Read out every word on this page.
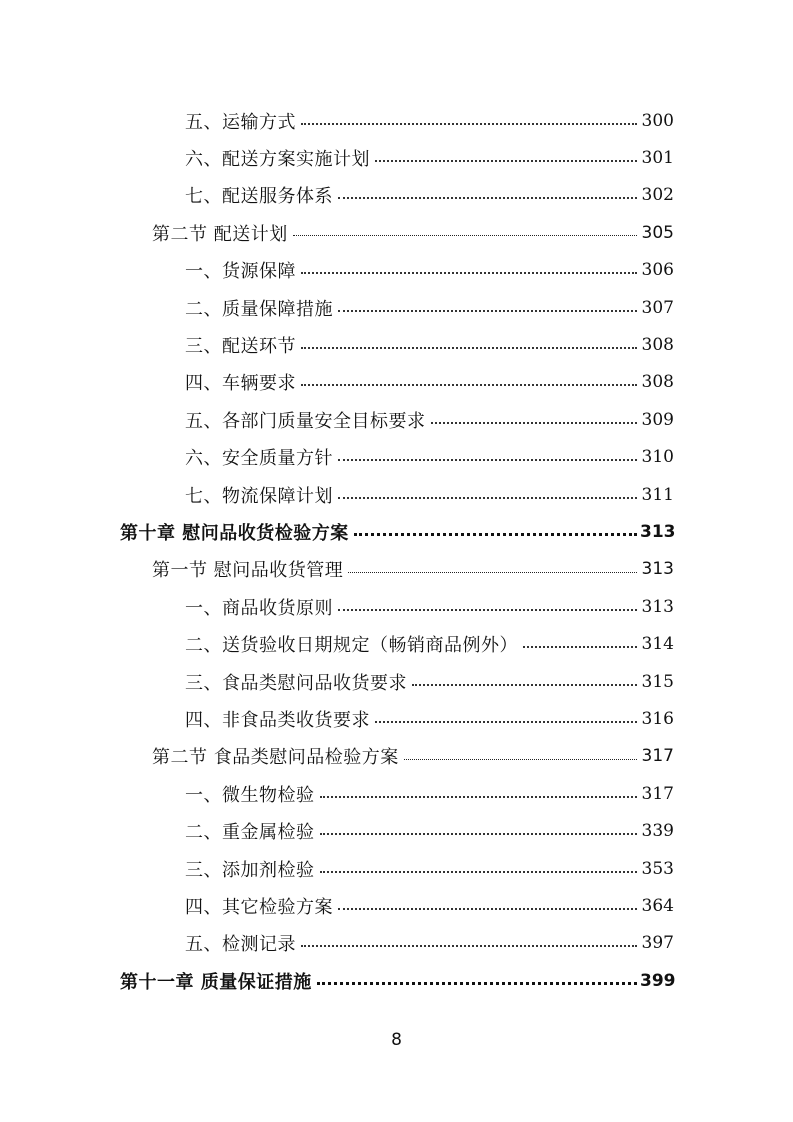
五、运输方式	300
六、配送方案实施计划	301
七、配送服务体系	302
第二节 配送计划	305
一、货源保障	306
二、质量保障措施	307
三、配送环节	308
四、车辆要求	308
五、各部门质量安全目标要求	309
六、安全质量方针	310
七、物流保障计划	311
第十章 慰问品收货检验方案	313
第一节 慰问品收货管理	313
一、商品收货原则	313
二、送货验收日期规定（畅销商品例外）	314
三、食品类慰问品收货要求	315
四、非食品类收货要求	316
第二节 食品类慰问品检验方案	317
一、微生物检验	317
二、重金属检验	339
三、添加剂检验	353
四、其它检验方案	364
五、检测记录	397
第十一章 质量保证措施	399
8
